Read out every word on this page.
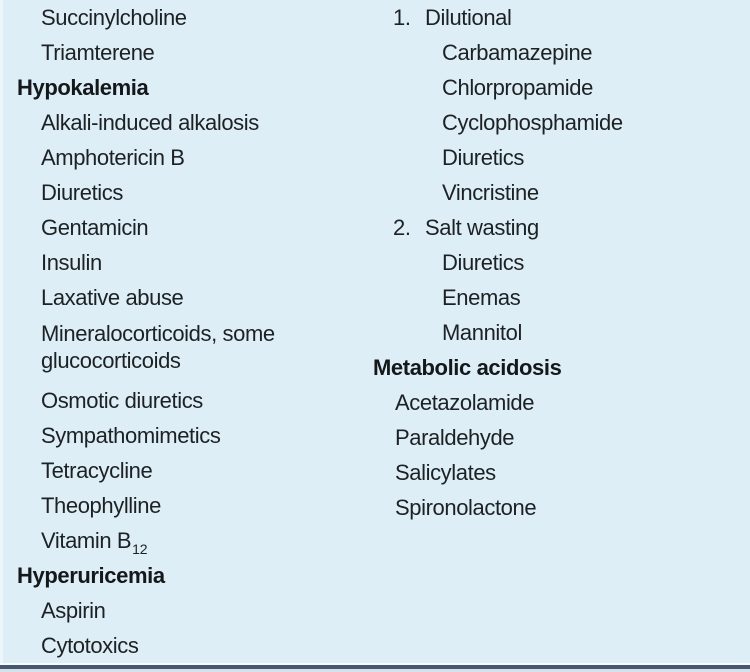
Succinylcholine
Triamterene
Hypokalemia
Alkali-induced alkalosis
Amphotericin B
Diuretics
Gentamicin
Insulin
Laxative abuse
Mineralocorticoids, some
glucocorticoids
Osmotic diuretics
Sympathomimetics
Tetracycline
Theophylline
Vitamin $B_{12}$
Hyperuricemia
Aspirin
Cytotoxics
1. Dilutional
Carbamazepine
Chlorpropamide
Cyclophosphamide
Diuretics
Vincristine
2. Salt wasting
Diuretics
Enemas
Mannitol
Metabolic acidosis
Acetazolamide
Paraldehyde
Salicylates
Spironolactone
